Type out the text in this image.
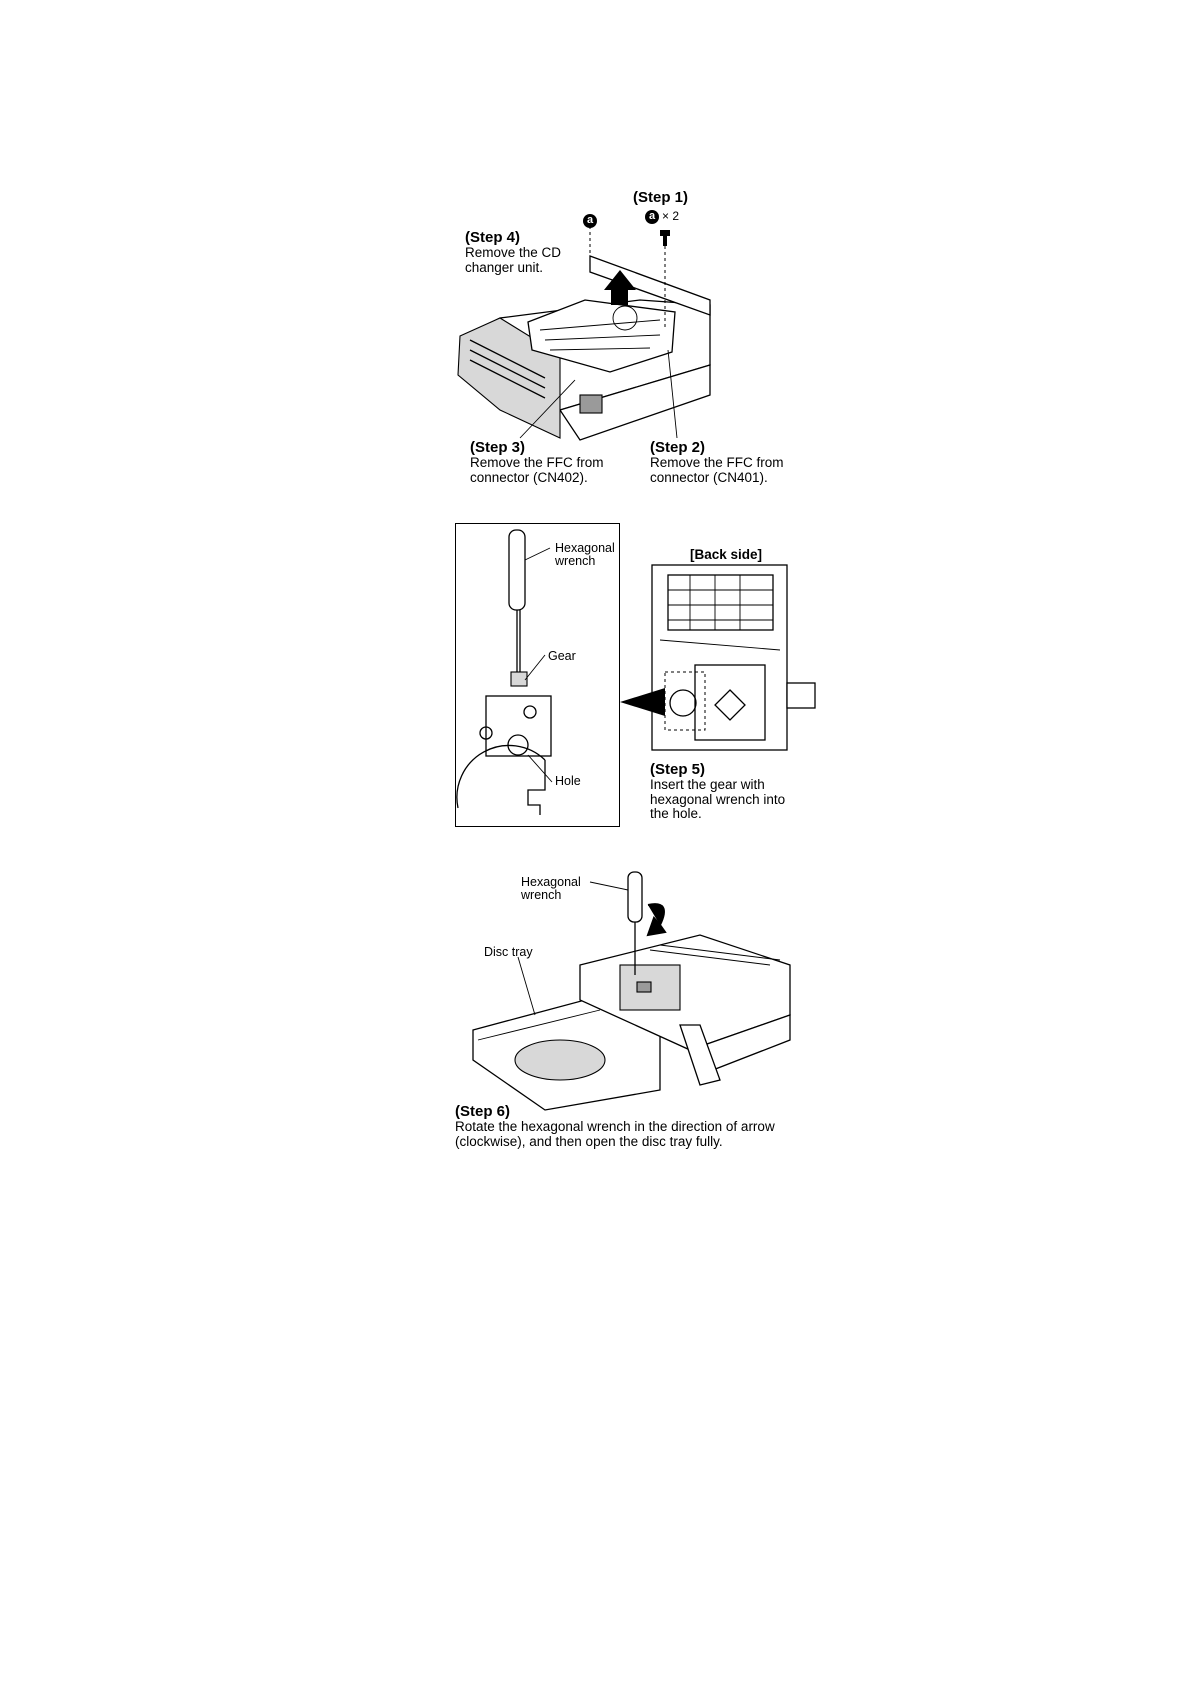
(Step 1)
a × 2
a
(Step 4)
Remove the CD
changer unit.
(Step 3)
Remove the FFC from
connector (CN402).
(Step 2)
Remove the FFC from
connector (CN401).
Hexagonal
wrench
Gear
Hole
[Back side]
(Step 5)
Insert the gear with
hexagonal wrench into
the hole.
Hexagonal
wrench
Disc tray
(Step 6)
Rotate the hexagonal wrench in the direction of arrow
(clockwise), and then open the disc tray fully.
